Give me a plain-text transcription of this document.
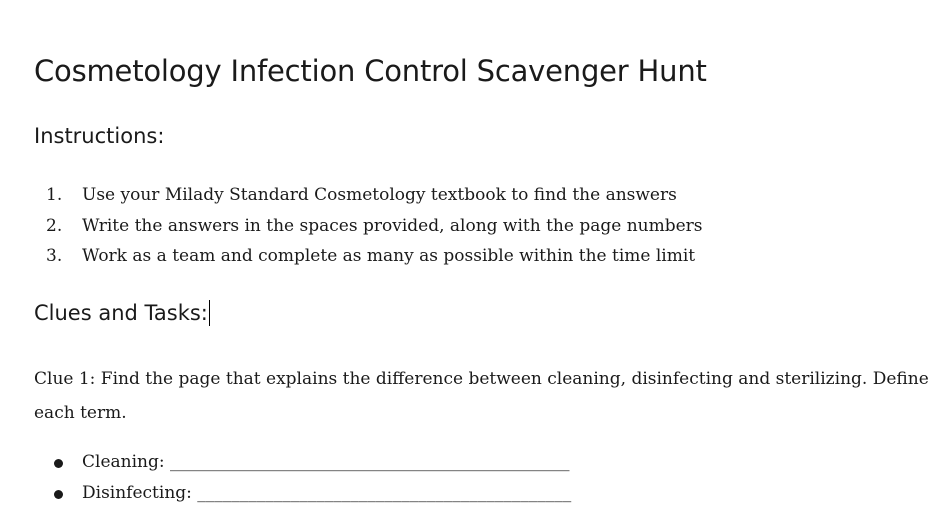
Cosmetology Infection Control Scavenger Hunt
Instructions:
1. Use your Milady Standard Cosmetology textbook to find the answers
2. Write the answers in the spaces provided, along with the page numbers
3. Work as a team and complete as many as possible within the time limit
Clues and Tasks:
Clue 1: Find the page that explains the difference between cleaning, disinfecting and sterilizing. Define
each term.
Cleaning: _______________________________________________
Disinfecting: ____________________________________________
